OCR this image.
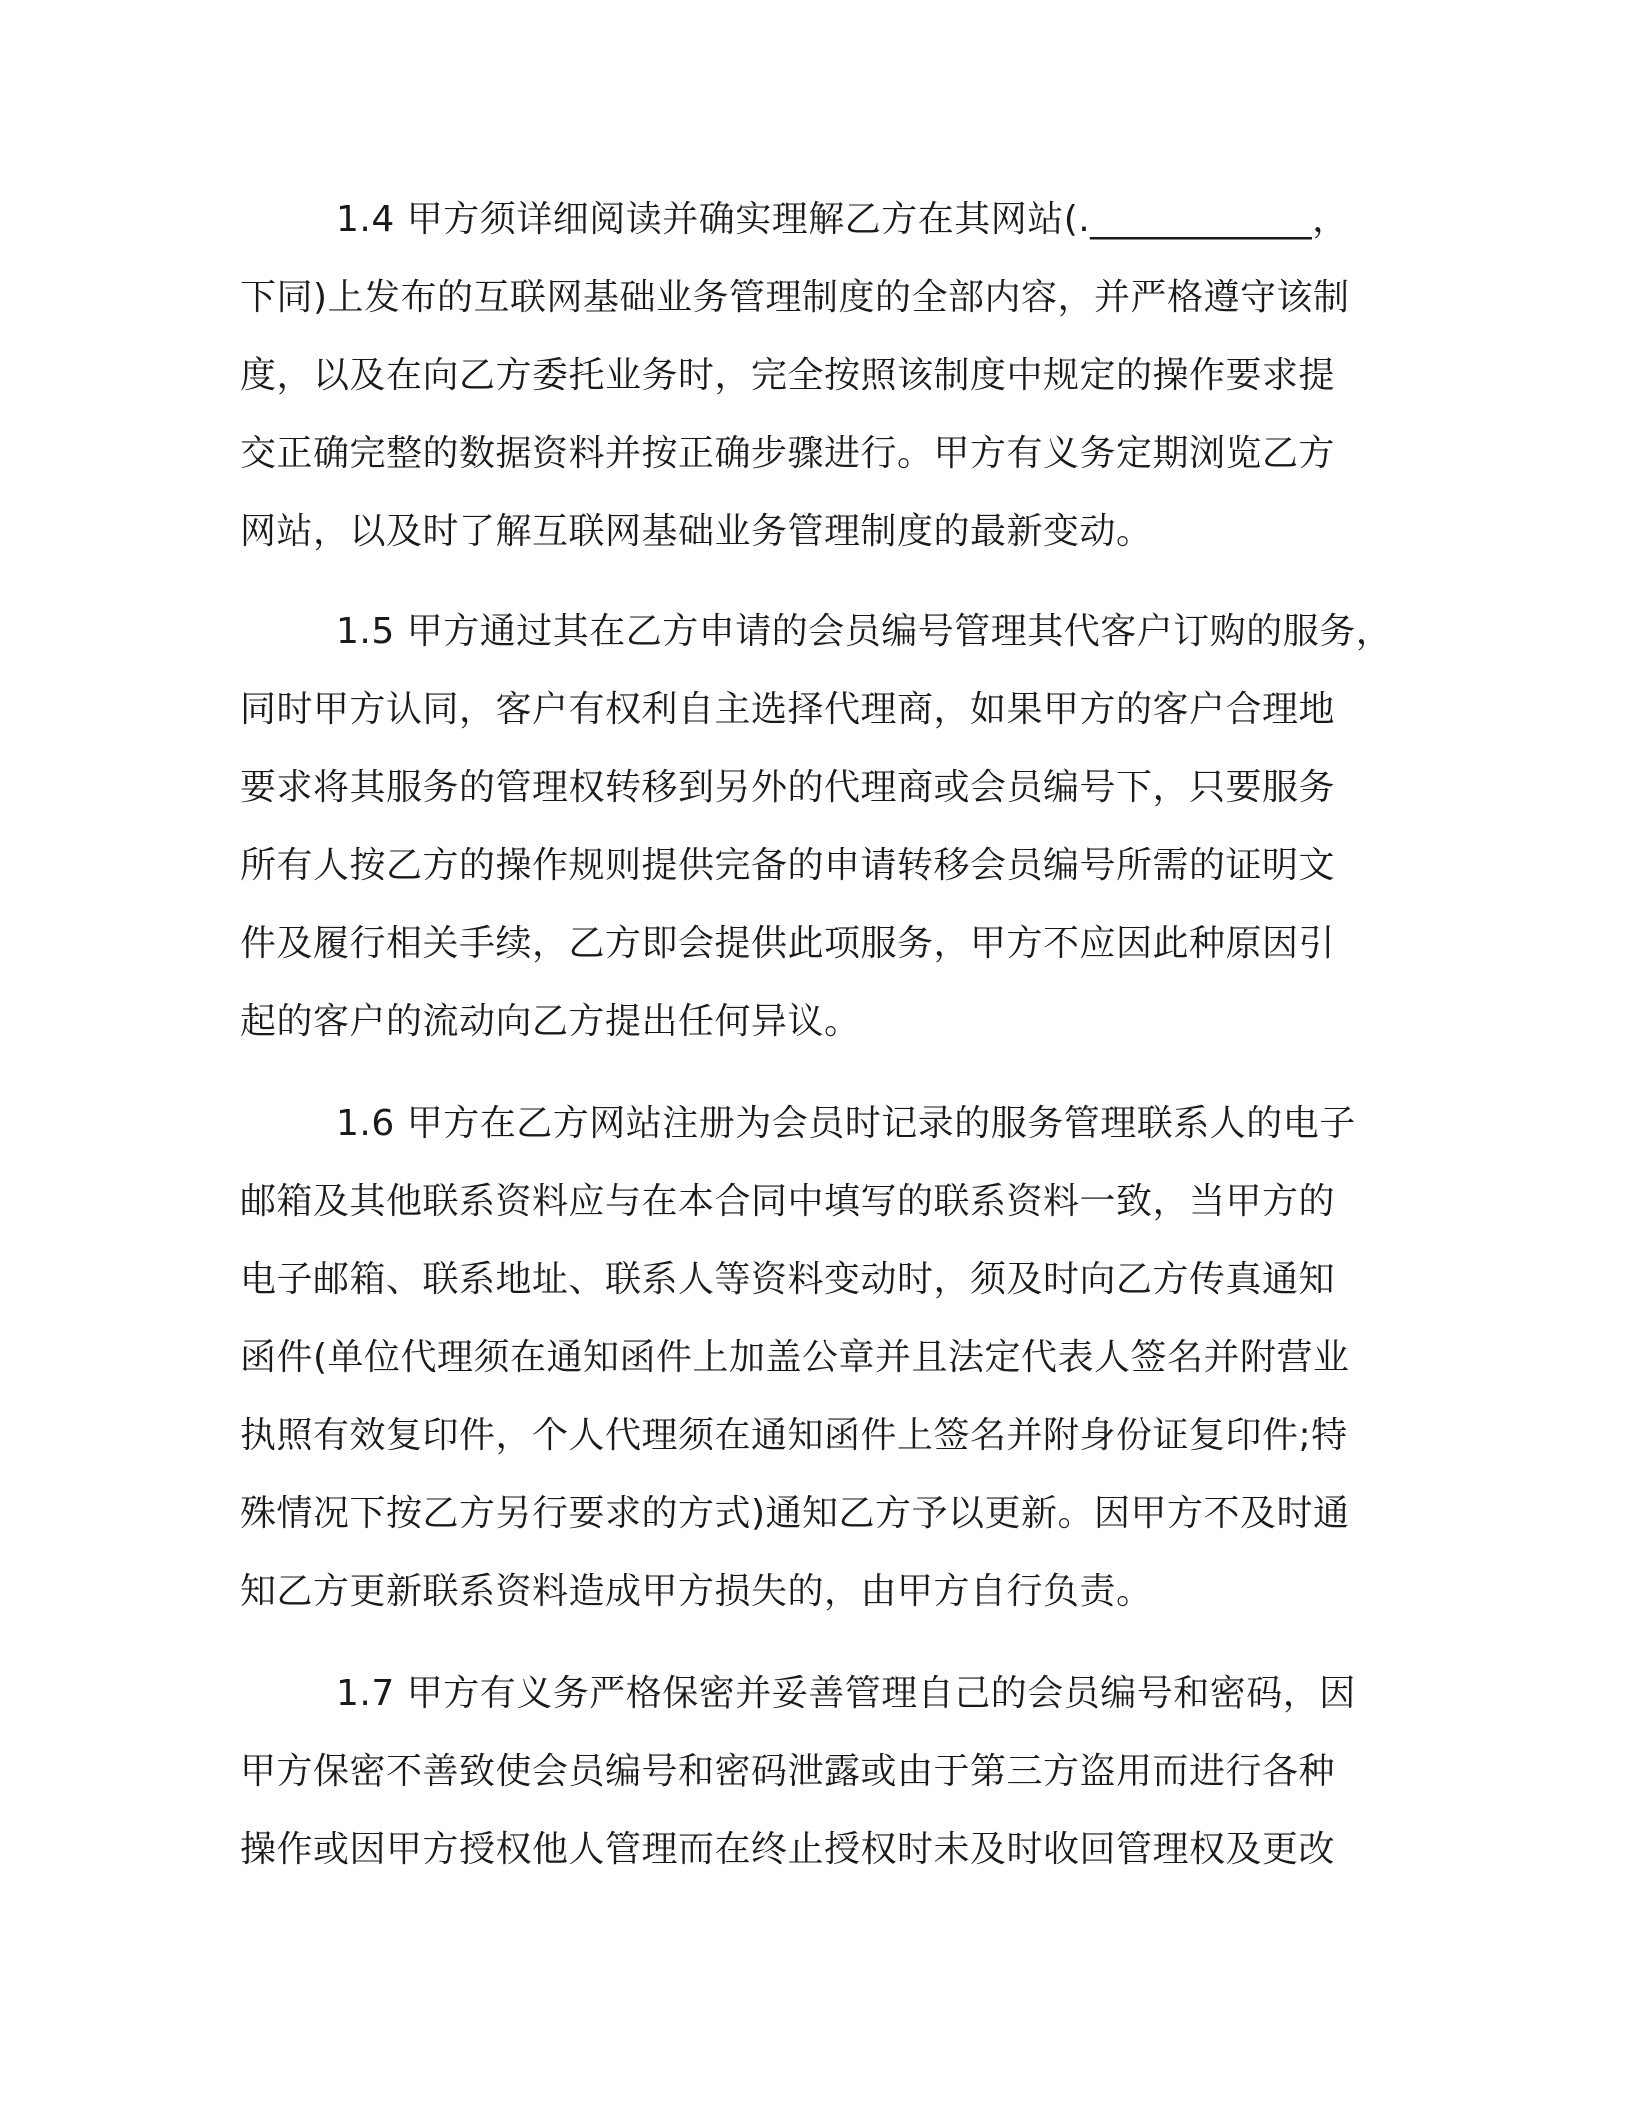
1.4 甲方须详细阅读并确实理解乙方在其网站(.____________，
下同)上发布的互联网基础业务管理制度的全部内容，并严格遵守该制
度，以及在向乙方委托业务时，完全按照该制度中规定的操作要求提
交正确完整的数据资料并按正确步骤进行。甲方有义务定期浏览乙方
网站，以及时了解互联网基础业务管理制度的最新变动。
1.5 甲方通过其在乙方申请的会员编号管理其代客户订购的服务，
同时甲方认同，客户有权利自主选择代理商，如果甲方的客户合理地
要求将其服务的管理权转移到另外的代理商或会员编号下，只要服务
所有人按乙方的操作规则提供完备的申请转移会员编号所需的证明文
件及履行相关手续，乙方即会提供此项服务，甲方不应因此种原因引
起的客户的流动向乙方提出任何异议。
1.6 甲方在乙方网站注册为会员时记录的服务管理联系人的电子
邮箱及其他联系资料应与在本合同中填写的联系资料一致，当甲方的
电子邮箱、联系地址、联系人等资料变动时，须及时向乙方传真通知
函件(单位代理须在通知函件上加盖公章并且法定代表人签名并附营业
执照有效复印件，个人代理须在通知函件上签名并附身份证复印件;特
殊情况下按乙方另行要求的方式)通知乙方予以更新。因甲方不及时通
知乙方更新联系资料造成甲方损失的，由甲方自行负责。
1.7 甲方有义务严格保密并妥善管理自己的会员编号和密码，因
甲方保密不善致使会员编号和密码泄露或由于第三方盗用而进行各种
操作或因甲方授权他人管理而在终止授权时未及时收回管理权及更改
